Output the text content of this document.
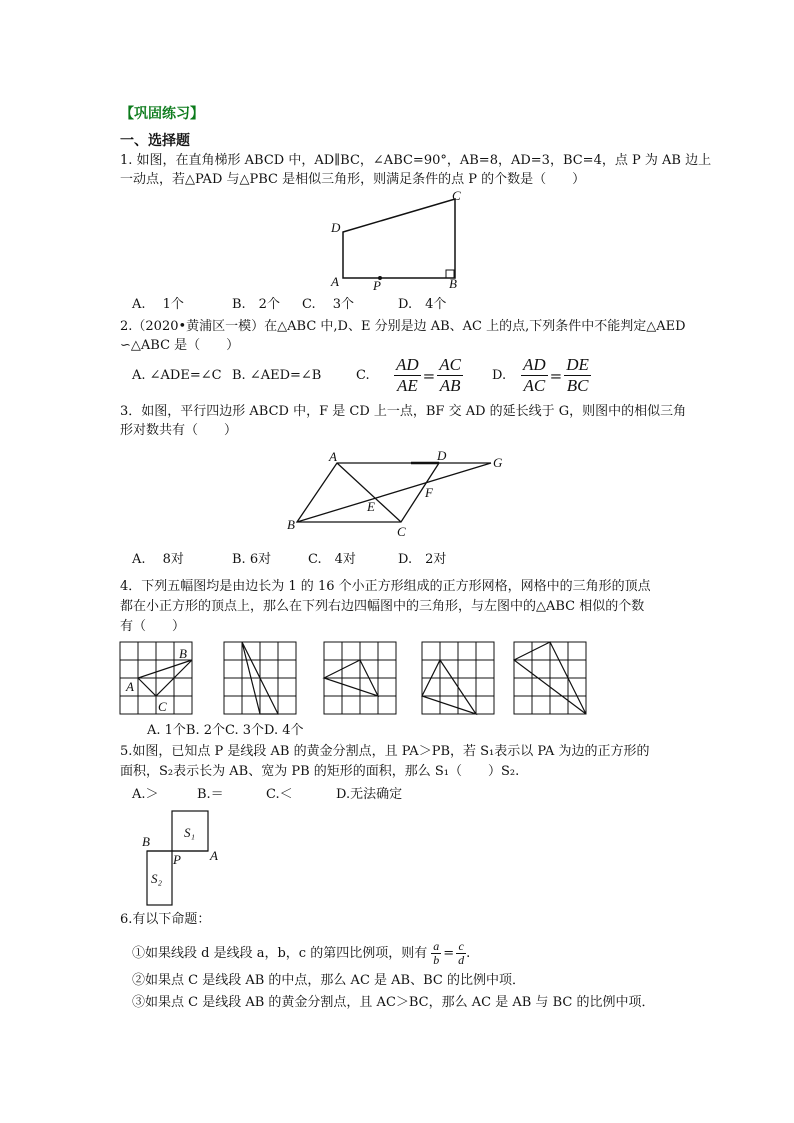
【巩固练习】
一、选择题
1. 如图，在直角梯形 ABCD 中，AD∥BC，∠ABC=90°，AB=8，AD=3，BC=4，点 P 为 AB 边上
一动点，若△PAD 与△PBC 是相似三角形，则满足条件的点 P 的个数是（　　）
D
C
A	P	B
A.　 1个	B.　2个 C.　 3个	D.　4个
2.（2020•黄浦区一模）在△ABC 中,D、E 分别是边 AB、AC 上的点,下列条件中不能判定△AED
∽△ABC 是（　　）
A. ∠ADE=∠C B. ∠AED=∠B	C. $\frac{AD}{AE} = \frac{AC}{AB} D$. $\frac{AD}{AC} = \frac{DE}{BC}$
3．如图，平行四边形 ABCD 中，F 是 CD 上一点，BF 交 AD 的延长线于 G，则图中的相似三角
形对数共有（　　）
A	D	G
F
E
B	C
A.　 8对	B. 6对	C.　4对	D.　2对
4．下列五幅图均是由边长为 1 的 16 个小正方形组成的正方形网格，网格中的三角形的顶点
都在小正方形的顶点上，那么在下列右边四幅图中的三角形，与左图中的△ABC 相似的个数
有（　　）
B
A
C
A. 1个B. 2个C. 3个D. 4个
5.如图，已知点 P 是线段 AB 的黄金分割点，且 PA＞PB，若 S₁表示以 PA 为边的正方形的
面积，S₂表示长为 AB、宽为 PB 的矩形的面积，那么 S₁（　　）S₂.
A.＞	B.＝	C.＜	D.无法确定
S₁
S₂
B
P A
6.有以下命题：
①如果线段 d 是线段 a，b，c 的第四比例项，则有 $\frac{a}{b} = \frac{c}{d}$ .
②如果点 C 是线段 AB 的中点，那么 AC 是 AB、BC 的比例中项．
③如果点 C 是线段 AB 的黄金分割点，且 AC＞BC，那么 AC 是 AB 与 BC 的比例中项．
